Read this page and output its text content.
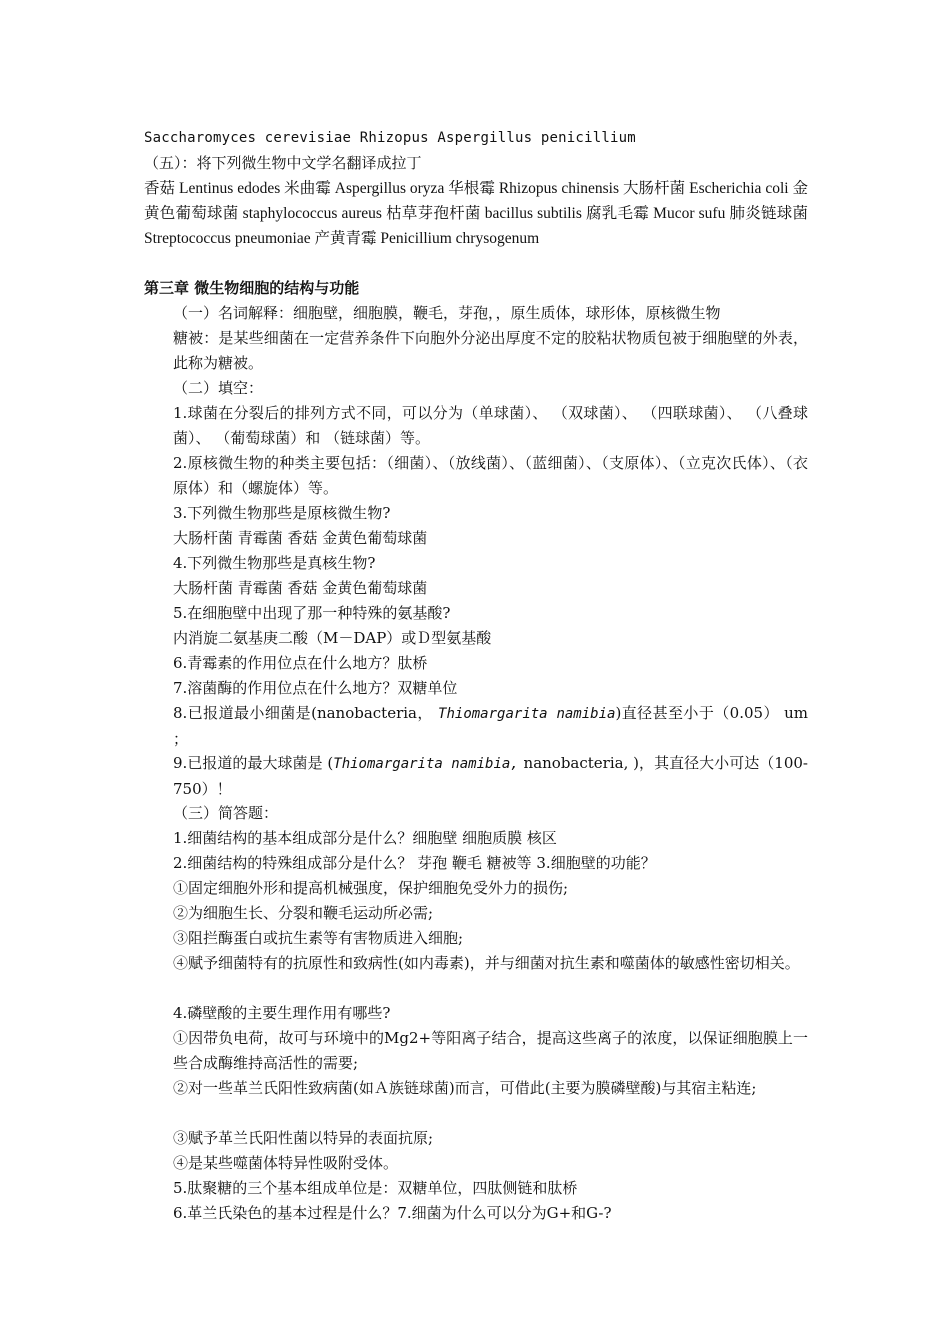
Saccharomyces cerevisiae Rhizopus Aspergillus penicillium

（五）：将下列微生物中文学名翻译成拉丁

香菇 Lentinus edodes 米曲霉 Aspergillus oryza 华根霉 Rhizopus chinensis 大肠杆菌 Escherichia coli 金黄色葡萄球菌 staphylococcus aureus 枯草芽孢杆菌 bacillus subtilis 腐乳毛霉 Mucor sufu 肺炎链球菌 Streptococcus pneumoniae 产黄青霉 Penicillium chrysogenum

第三章 微生物细胞的结构与功能

（一）名词解释：细胞壁，细胞膜，鞭毛，芽孢，，原生质体，球形体，原核微生物

糖被：是某些细菌在一定营养条件下向胞外分泌出厚度不定的胶粘状物质包被于细胞壁的外表，此称为糖被。

（二）填空：

1.球菌在分裂后的排列方式不同，可以分为（单球菌）、 （双球菌）、 （四联球菌）、 （八叠球菌）、 （葡萄球菌）和 （链球菌）等。

2.原核微生物的种类主要包括：（细菌）、（放线菌）、（蓝细菌）、（支原体）、（立克次氏体）、（衣原体）和（螺旋体）等。

3.下列微生物那些是原核微生物?

大肠杆菌 青霉菌 香菇 金黄色葡萄球菌

4.下列微生物那些是真核生物?

大肠杆菌 青霉菌 香菇 金黄色葡萄球菌

5.在细胞壁中出现了那一种特殊的氨基酸?

内消旋二氨基庚二酸（M－DAP）或Ｄ型氨基酸

6.青霉素的作用位点在什么地方？肽桥

7.溶菌酶的作用位点在什么地方？双糖单位

8.已报道最小细菌是(nanobacteria， Thiomargarita namibia)直径甚至小于（0.05） um ；

9.已报道的最大球菌是 (Thiomargarita namibia, nanobacteria, )，其直径大小可达（100-750）！

（三）简答题：

1.细菌结构的基本组成部分是什么？细胞壁 细胞质膜 核区

2.细菌结构的特殊组成部分是什么？ 芽孢 鞭毛 糖被等 3.细胞壁的功能？

①固定细胞外形和提高机械强度，保护细胞免受外力的损伤;

②为细胞生长、分裂和鞭毛运动所必需;

③阻拦酶蛋白或抗生素等有害物质进入细胞;

④赋予细菌特有的抗原性和致病性(如内毒素)，并与细菌对抗生素和噬菌体的敏感性密切相关。

4.磷壁酸的主要生理作用有哪些?

①因带负电荷，故可与环境中的Mg2+等阳离子结合，提高这些离子的浓度，以保证细胞膜上一些合成酶维持高活性的需要;

②对一些革兰氏阳性致病菌(如Ａ族链球菌)而言，可借此(主要为膜磷壁酸)与其宿主粘连;

③赋予革兰氏阳性菌以特异的表面抗原;

④是某些噬菌体特异性吸附受体。

5.肽聚糖的三个基本组成单位是：双糖单位，四肽侧链和肽桥

6.革兰氏染色的基本过程是什么？7.细菌为什么可以分为G+和G-?
